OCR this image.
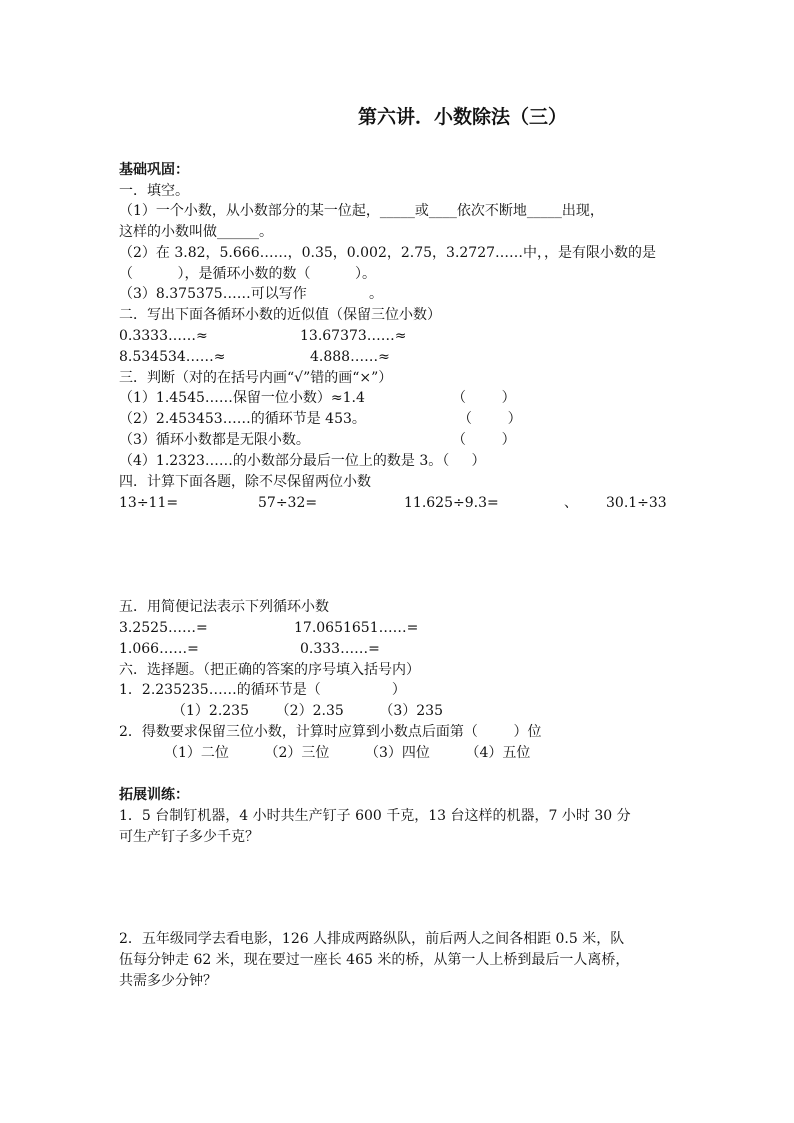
第六讲．小数除法（三）
基础巩固：
一．填空。
（1）一个小数，从小数部分的某一位起，_____或____依次不断地_____出现，
这样的小数叫做______。
（2）在 3.82，5.666……，0.35，0.002，2.75，3.2727……中，，是有限小数的是
（          ），是循环小数的数（          ）。
（3）8.375375……可以写作              。
二．写出下面各循环小数的近似值（保留三位小数）
0.3333……≈	13.67373……≈
8.534534……≈	4.888……≈
三．判断（对的在括号内画“√”错的画“×”）
（1）1.4545……保留一位小数）≈1.4	（        ）
（2）2.453453……的循环节是 453。	（        ）
（3）循环小数都是无限小数。	（        ）
（4）1.2323……的小数部分最后一位上的数是 3。（     ）
四．计算下面各题，除不尽保留两位小数
13÷11=	57÷32=	11.625÷9.3=	、 30.1÷33
五．用简便记法表示下列循环小数
3.2525……=	17.0651651……=
1.066……=	0.333……=
六．选择题。（把正确的答案的序号填入括号内）
1．2.235235……的循环节是（                ）
（1）2.235      （2）2.35        （3）235
2．得数要求保留三位小数，计算时应算到小数点后面第（        ）位
（1）二位        （2）三位        （3）四位        （4）五位
拓展训练：
1．5 台制钉机器，4 小时共生产钉子 600 千克，13 台这样的机器，7 小时 30 分
可生产钉子多少千克？
2．五年级同学去看电影，126 人排成两路纵队，前后两人之间各相距 0.5 米，队
伍每分钟走 62 米，现在要过一座长 465 米的桥，从第一人上桥到最后一人离桥，
共需多少分钟？
